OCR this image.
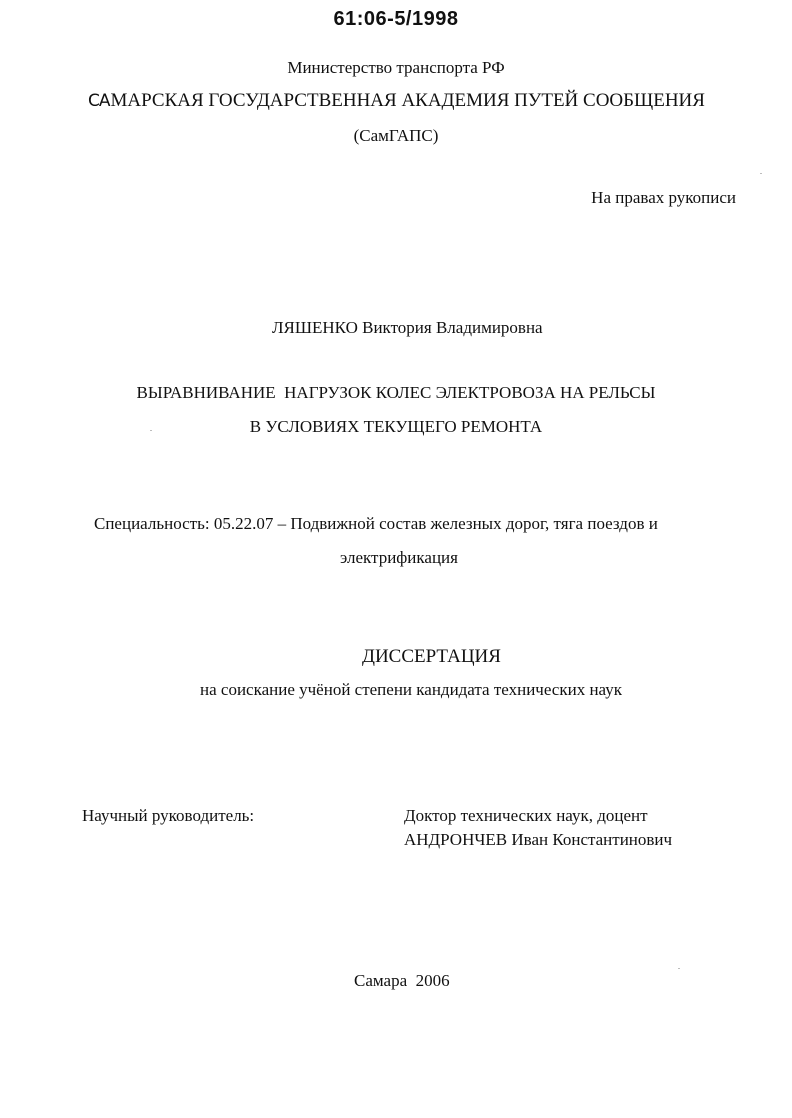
61:06-5/1998
Министерство транспорта РФ
САМАРСКАЯ ГОСУДАРСТВЕННАЯ АКАДЕМИЯ ПУТЕЙ СООБЩЕНИЯ
(СамГАПС)
На правах рукописи
ЛЯШЕНКО Виктория Владимировна
ВЫРАВНИВАНИЕ  НАГРУЗОК КОЛЕС ЭЛЕКТРОВОЗА НА РЕЛЬСЫ
В УСЛОВИЯХ ТЕКУЩЕГО РЕМОНТА
Специальность: 05.22.07 – Подвижной состав железных дорог, тяга поездов и
электрификация
ДИССЕРТАЦИЯ
на соискание учёной степени кандидата технических наук
Научный руководитель:	Доктор технических наук, доцент
АНДРОНЧЕВ Иван Константинович
Самара  2006
